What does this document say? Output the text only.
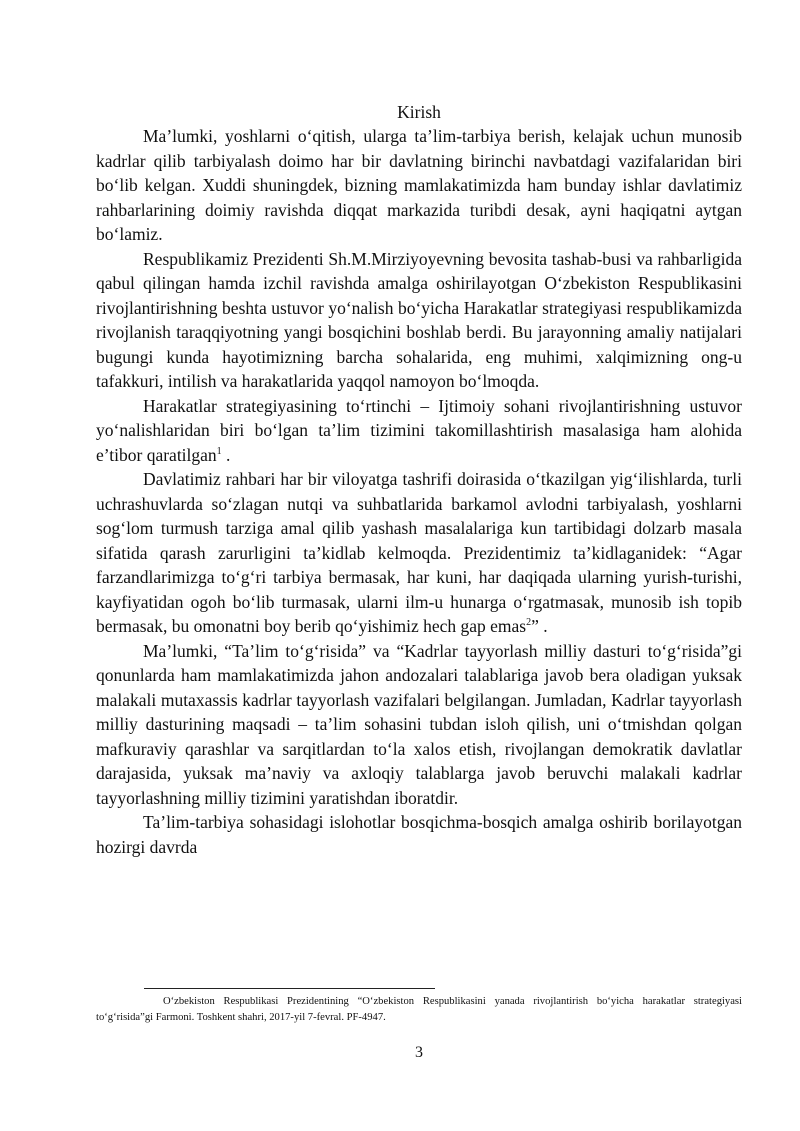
Kirish

Ma’lumki, yoshlarni o‘qitish, ularga ta’lim-tarbiya berish, kelajak uchun munosib kadrlar qilib tarbiyalash doimo har bir davlatning birinchi navbatdagi vazifalaridan biri bo‘lib kelgan. Xuddi shuningdek, bizning mamlakatimizda ham bunday ishlar davlatimiz rahbarlarining doimiy ravishda diqqat markazida turibdi desak, ayni haqiqatni aytgan bo‘lamiz.

Respublikamiz Prezidenti Sh.M.Mirziyoyevning bevosita tashab-busi va rahbarligida qabul qilingan hamda izchil ravishda amalga oshirilayotgan O‘zbekiston Respublikasini rivojlantirishning beshta ustuvor yo‘nalish bo‘yicha Harakatlar strategiyasi respublikamizda rivojlanish taraqqiyotning yangi bosqichini boshlab berdi. Bu jarayonning amaliy natijalari bugungi kunda hayotimizning barcha sohalarida, eng muhimi, xalqimizning ong-u tafakkuri, intilish va harakatlarida yaqqol namoyon bo‘lmoqda.

Harakatlar strategiyasining to‘rtinchi – Ijtimoiy sohani rivojlantirishning ustuvor yo‘nalishlaridan biri bo‘lgan ta’lim tizimini takomillashtirish masalasiga ham alohida e’tibor qaratilgan$^1$ .

Davlatimiz rahbari har bir viloyatga tashrifi doirasida o‘tkazilgan yig‘ilishlarda, turli uchrashuvlarda so‘zlagan nutqi va suhbatlarida barkamol avlodni tarbiyalash, yoshlarni sog‘lom turmush tarziga amal qilib yashash masalalariga kun tartibidagi dolzarb masala sifatida qarash zarurligini ta’kidlab kelmoqda. Prezidentimiz ta’kidlaganidek: “Agar farzandlarimizga to‘g‘ri tarbiya bermasak, har kuni, har daqiqada ularning yurish-turishi, kayfiyatidan ogoh bo‘lib turmasak, ularni ilm-u hunarga o‘rgatmasak, munosib ish topib bermasak, bu omonatni boy berib qo‘yishimiz hech gap emas$^2$” .

Ma’lumki, “Ta’lim to‘g‘risida” va “Kadrlar tayyorlash milliy dasturi to‘g‘risida”gi qonunlarda ham mamlakatimizda jahon andozalari talablariga javob bera oladigan yuksak malakali mutaxassis kadrlar tayyorlash vazifalari belgilangan. Jumladan, Kadrlar tayyorlash milliy dasturining maqsadi – ta’lim sohasini tubdan isloh qilish, uni o‘tmishdan qolgan mafkuraviy qarashlar va sarqitlardan to‘la xalos etish, rivojlangan demokratik davlatlar darajasida, yuksak ma’naviy va axloqiy talablarga javob beruvchi malakali kadrlar tayyorlashning milliy tizimini yaratishdan iboratdir.

Ta’lim-tarbiya sohasidagi islohotlar bosqichma-bosqich amalga oshirib borilayotgan hozirgi davrda

O‘zbekiston Respublikasi Prezidentining “O‘zbekiston Respublikasini yanada rivojlantirish bo‘yicha harakatlar strategiyasi to‘g‘risida”gi Farmoni. Toshkent shahri, 2017-yil 7-fevral. PF-4947.

3
